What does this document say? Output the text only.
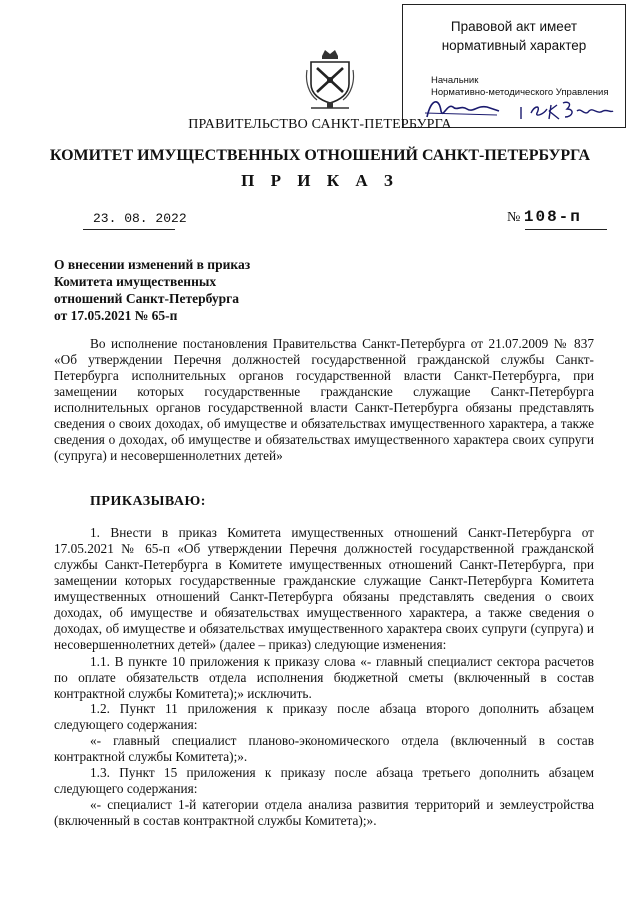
Правовой акт имеет
нормативный характер
Начальник
Нормативно-методического Управления
ПРАВИТЕЛЬСТВО САНКТ-ПЕТЕРБУРГА
КОМИТЕТ ИМУЩЕСТВЕННЫХ ОТНОШЕНИЙ САНКТ-ПЕТЕРБУРГА
П Р И К А З
23. 08. 2022	№ 108-п
О внесении изменений в приказ
Комитета имущественных
отношений Санкт-Петербурга
от 17.05.2021 № 65-п
Во исполнение постановления Правительства Санкт-Петербурга от 21.07.2009 № 837 «Об утверждении Перечня должностей государственной гражданской службы Санкт-Петербурга исполнительных органов государственной власти Санкт-Петербурга, при замещении которых государственные гражданские служащие Санкт-Петербурга исполнительных органов государственной власти Санкт-Петербурга обязаны представлять сведения о своих доходах, об имуществе и обязательствах имущественного характера, а также сведения о доходах, об имуществе и обязательствах имущественного характера своих супруги (супруга) и несовершеннолетних детей»
ПРИКАЗЫВАЮ:
1. Внести в приказ Комитета имущественных отношений Санкт-Петербурга от 17.05.2021 № 65-п «Об утверждении Перечня должностей государственной гражданской службы Санкт-Петербурга в Комитете имущественных отношений Санкт-Петербурга, при замещении которых государственные гражданские служащие Санкт-Петербурга Комитета имущественных отношений Санкт-Петербурга обязаны представлять сведения о своих доходах, об имуществе и обязательствах имущественного характера, а также сведения о доходах, об имуществе и обязательствах имущественного характера своих супруги (супруга) и несовершеннолетних детей» (далее – приказ) следующие изменения:
1.1. В пункте 10 приложения к приказу слова «- главный специалист сектора расчетов по оплате обязательств отдела исполнения бюджетной сметы (включенный в состав контрактной службы Комитета);» исключить.
1.2. Пункт 11 приложения к приказу после абзаца второго дополнить абзацем следующего содержания:
«- главный специалист планово-экономического отдела (включенный в состав контрактной службы Комитета);».
1.3. Пункт 15 приложения к приказу после абзаца третьего дополнить абзацем следующего содержания:
«- специалист 1-й категории отдела анализа развития территорий и землеустройства (включенный в состав контрактной службы Комитета);».
